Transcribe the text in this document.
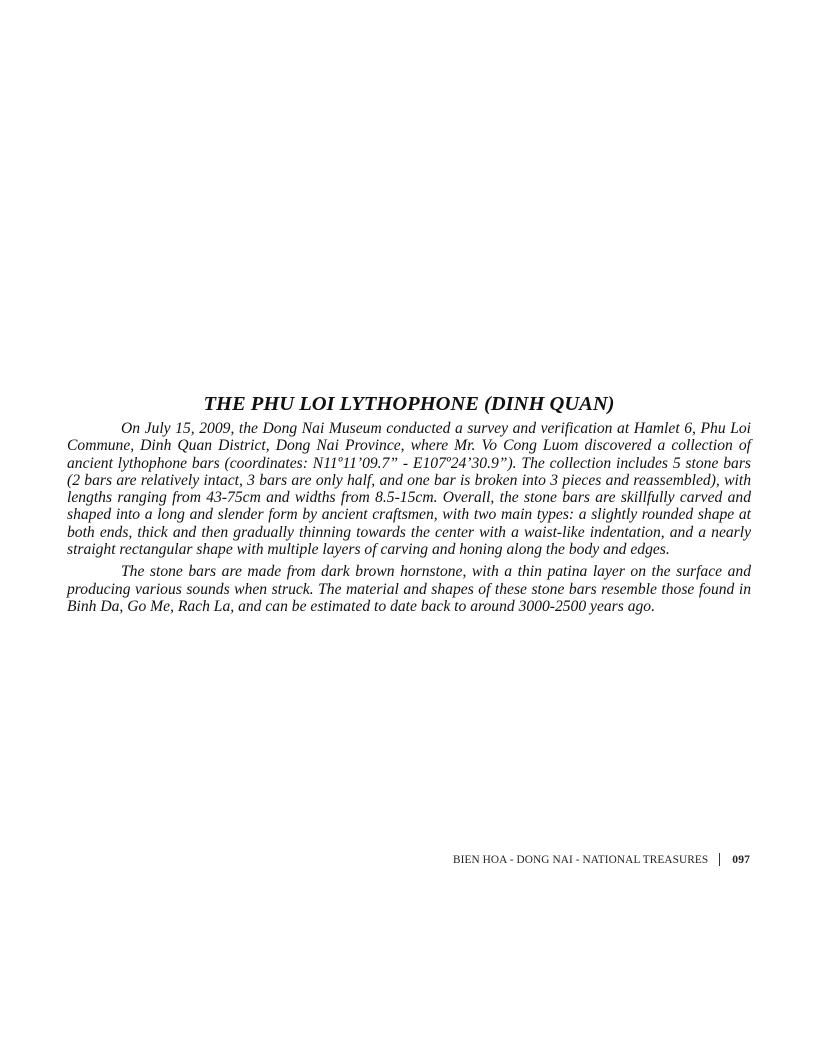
THE PHU LOI LYTHOPHONE (DINH QUAN)

On July 15, 2009, the Dong Nai Museum conducted a survey and verification at Hamlet 6, Phu Loi Commune, Dinh Quan District, Dong Nai Province, where Mr. Vo Cong Luom discovered a collection of ancient lythophone bars (coordinates: N11º11’09.7” - E107º24’30.9”). The collection includes 5 stone bars (2 bars are relatively intact, 3 bars are only half, and one bar is broken into 3 pieces and reassembled), with lengths ranging from 43-75cm and widths from 8.5-15cm. Overall, the stone bars are skillfully carved and shaped into a long and slender form by ancient craftsmen, with two main types: a slightly rounded shape at both ends, thick and then gradually thinning towards the center with a waist-like indentation, and a nearly straight rectangular shape with multiple layers of carving and honing along the body and edges.

The stone bars are made from dark brown hornstone, with a thin patina layer on the surface and producing various sounds when struck. The material and shapes of these stone bars resemble those found in Binh Da, Go Me, Rach La, and can be estimated to date back to around 3000-2500 years ago.

BIEN HOA - DONG NAI - NATIONAL TREASURES 097
